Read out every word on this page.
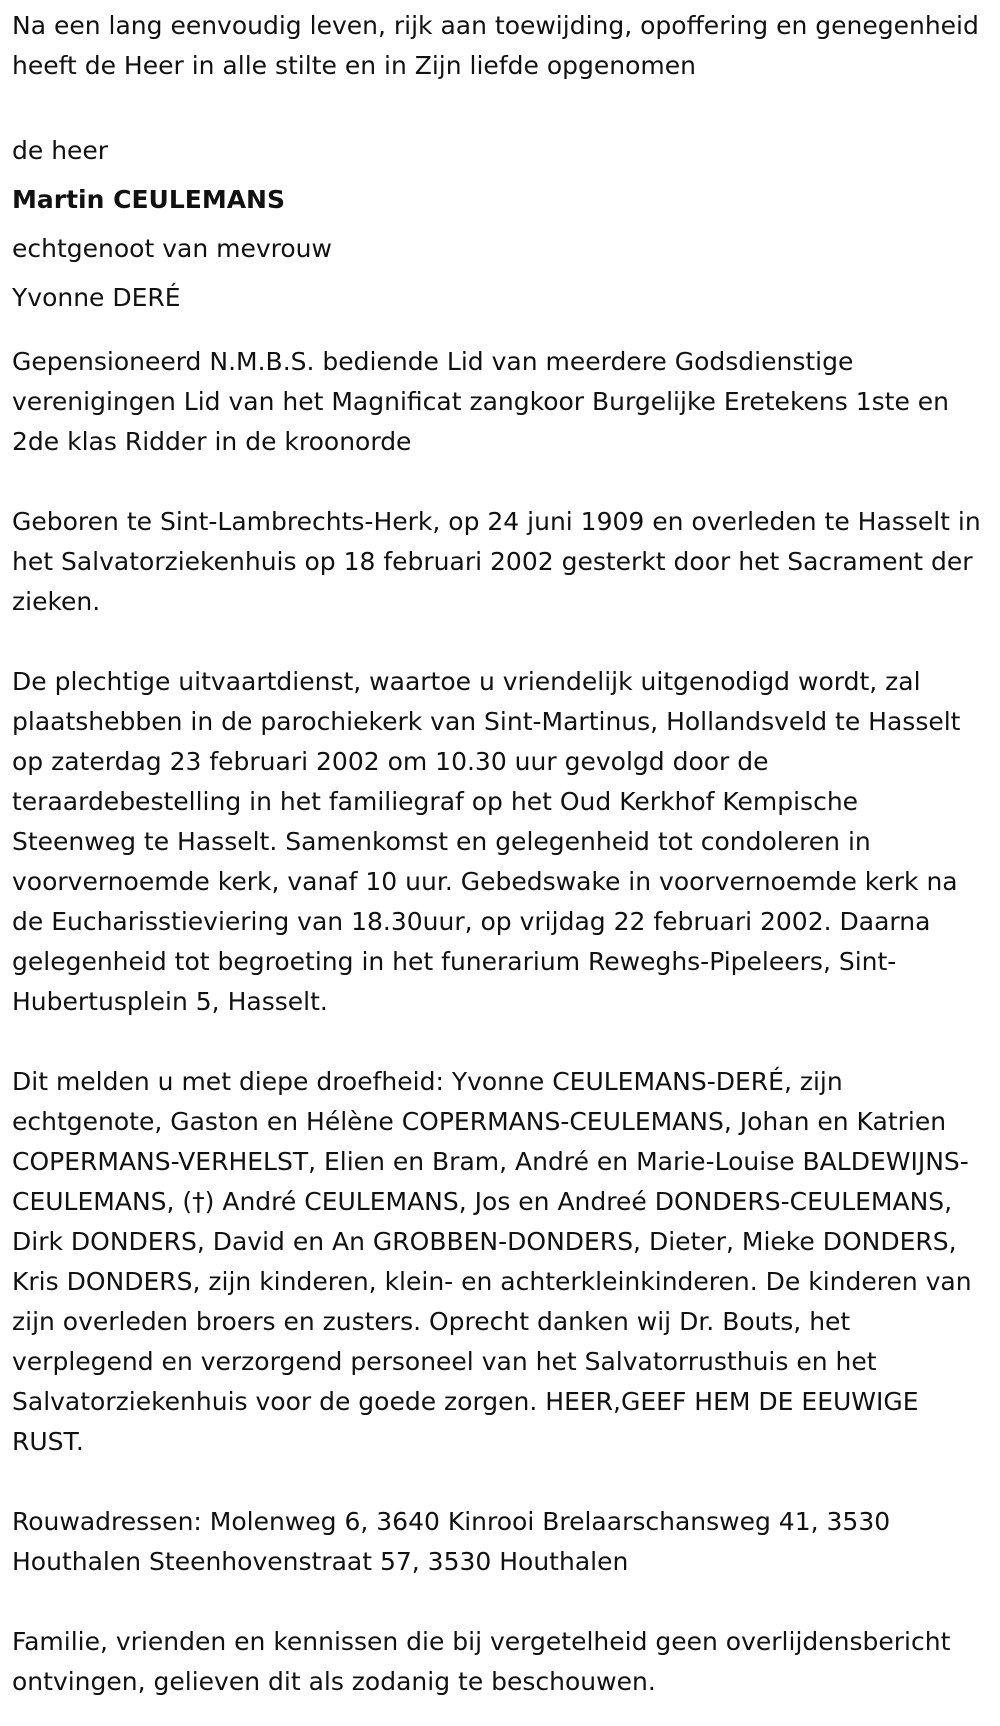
Na een lang eenvoudig leven, rijk aan toewijding, opoffering en genegenheid heeft de Heer in alle stilte en in Zijn liefde opgenomen

de heer
Martin CEULEMANS
echtgenoot van mevrouw
Yvonne DERÉ

Gepensioneerd N.M.B.S. bediende Lid van meerdere Godsdienstige verenigingen Lid van het Magnificat zangkoor Burgelijke Eretekens 1ste en 2de klas Ridder in de kroonorde

Geboren te Sint-Lambrechts-Herk, op 24 juni 1909 en overleden te Hasselt in het Salvatorziekenhuis op 18 februari 2002 gesterkt door het Sacrament der zieken.

De plechtige uitvaartdienst, waartoe u vriendelijk uitgenodigd wordt, zal plaatshebben in de parochiekerk van Sint-Martinus, Hollandsveld te Hasselt op zaterdag 23 februari 2002 om 10.30 uur gevolgd door de teraardebestelling in het familiegraf op het Oud Kerkhof Kempische Steenweg te Hasselt. Samenkomst en gelegenheid tot condoleren in voorvernoemde kerk, vanaf 10 uur. Gebedswake in voorvernoemde kerk na de Eucharisstieviering van 18.30uur, op vrijdag 22 februari 2002. Daarna gelegenheid tot begroeting in het funerarium Reweghs-Pipeleers, Sint-Hubertusplein 5, Hasselt.

Dit melden u met diepe droefheid: Yvonne CEULEMANS-DERÉ, zijn echtgenote, Gaston en Hélène COPERMANS-CEULEMANS, Johan en Katrien COPERMANS-VERHELST, Elien en Bram, André en Marie-Louise BALDEWIJNS-CEULEMANS, (†) André CEULEMANS, Jos en Andreé DONDERS-CEULEMANS, Dirk DONDERS, David en An GROBBEN-DONDERS, Dieter, Mieke DONDERS, Kris DONDERS, zijn kinderen, klein- en achterkleinkinderen. De kinderen van zijn overleden broers en zusters. Oprecht danken wij Dr. Bouts, het verplegend en verzorgend personeel van het Salvatorrusthuis en het Salvatorziekenhuis voor de goede zorgen. HEER,GEEF HEM DE EEUWIGE RUST.

Rouwadressen: Molenweg 6, 3640 Kinrooi Brelaarschansweg 41, 3530 Houthalen Steenhovenstraat 57, 3530 Houthalen

Familie, vrienden en kennissen die bij vergetelheid geen overlijdensbericht ontvingen, gelieven dit als zodanig te beschouwen.
